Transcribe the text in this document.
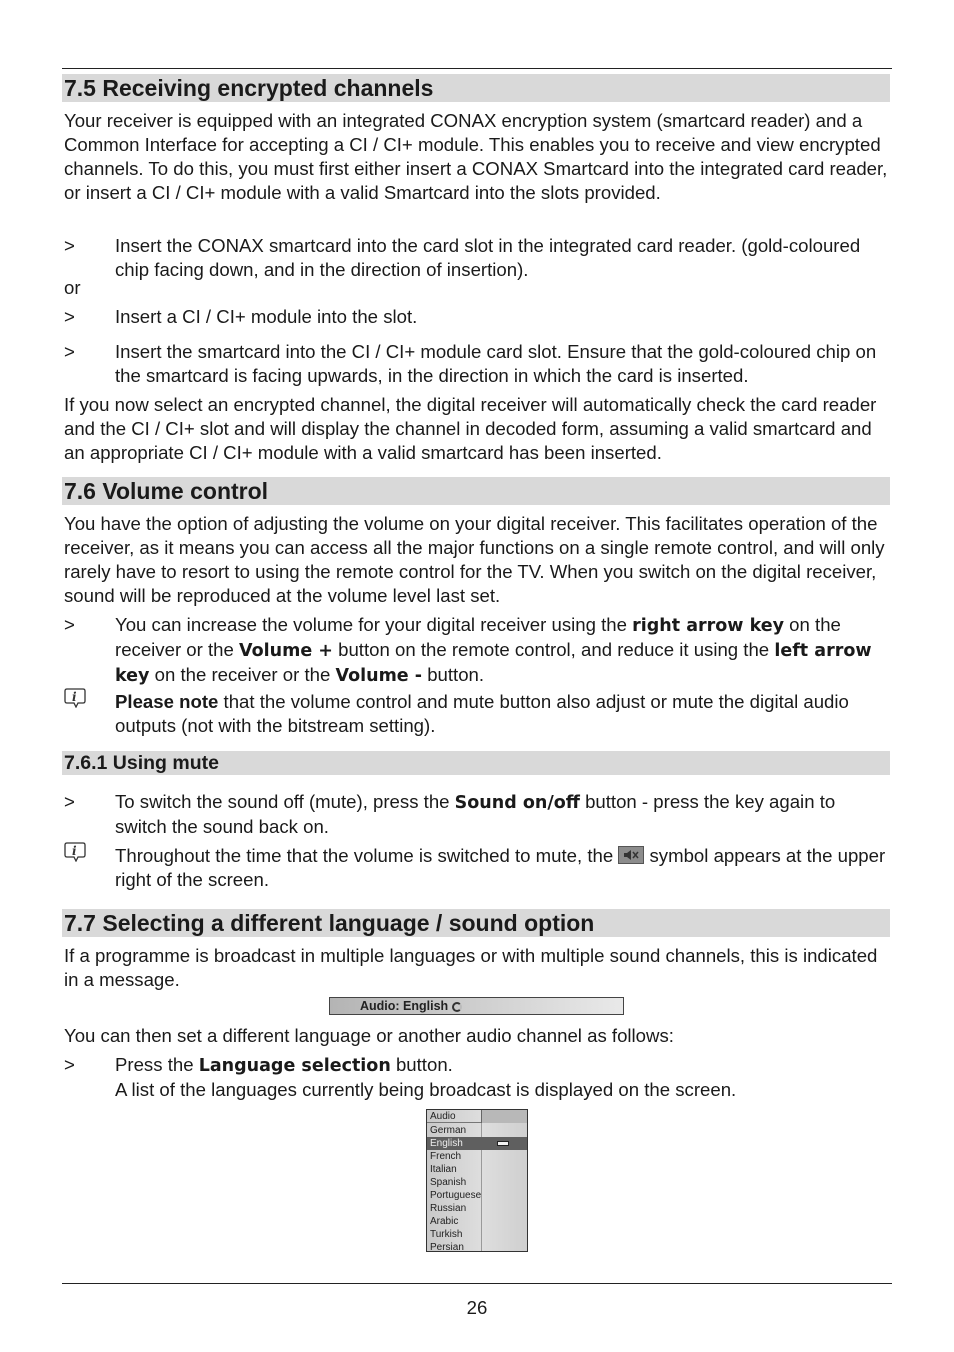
7.5 Receiving encrypted channels

Your receiver is equipped with an integrated CONAX encryption system (smartcard reader) and a Common Interface for accepting a CI / CI+ module. This enables you to receive and view encrypted channels. To do this, you must first either insert a CONAX Smartcard into the integrated card reader, or insert a CI / CI+ module with a valid Smartcard into the slots provided.

> Insert the CONAX smartcard into the card slot in the integrated card reader. (gold-coloured chip facing down, and in the direction of insertion).

or
> Insert a CI / CI+ module into the slot.

> Insert the smartcard into the CI / CI+ module card slot. Ensure that the gold-coloured chip on the smartcard is facing upwards, in the direction in which the card is inserted.

If you now select an encrypted channel, the digital receiver will automatically check the card reader and the CI / CI+ slot and will display the channel in decoded form, assuming a valid smartcard and an appropriate CI / CI+ module with a valid smartcard has been inserted.

7.6 Volume control

You have the option of adjusting the volume on your digital receiver. This facilitates operation of the receiver, as it means you can access all the major functions on a single remote control, and will only rarely have to resort to using the remote control for the TV. When you switch on the digital receiver, sound will be reproduced at the volume level last set.

> You can increase the volume for your digital receiver using the right arrow key on the receiver or the Volume + button on the remote control, and reduce it using the left arrow key on the receiver or the Volume - button.

i Please note that the volume control and mute button also adjust or mute the digital audio outputs (not with the bitstream setting).

7.6.1 Using mute
> To switch the sound off (mute), press the Sound on/off button - press the key again to switch the sound back on.

i Throughout the time that the volume is switched to mute, the
symbol appears at the upper right of the screen.

7.7 Selecting a different language / sound option

If a programme is broadcast in multiple languages or with multiple sound channels, this is indicated in a message.

Audio: English

You can then set a different language or another audio channel as follows:

> Press the Language selection button.
A list of the languages currently being broadcast is displayed on the screen.

Audio
German
English
French
Italian
Spanish
Portuguese
Russian
Arabic
Turkish
Persian
26
